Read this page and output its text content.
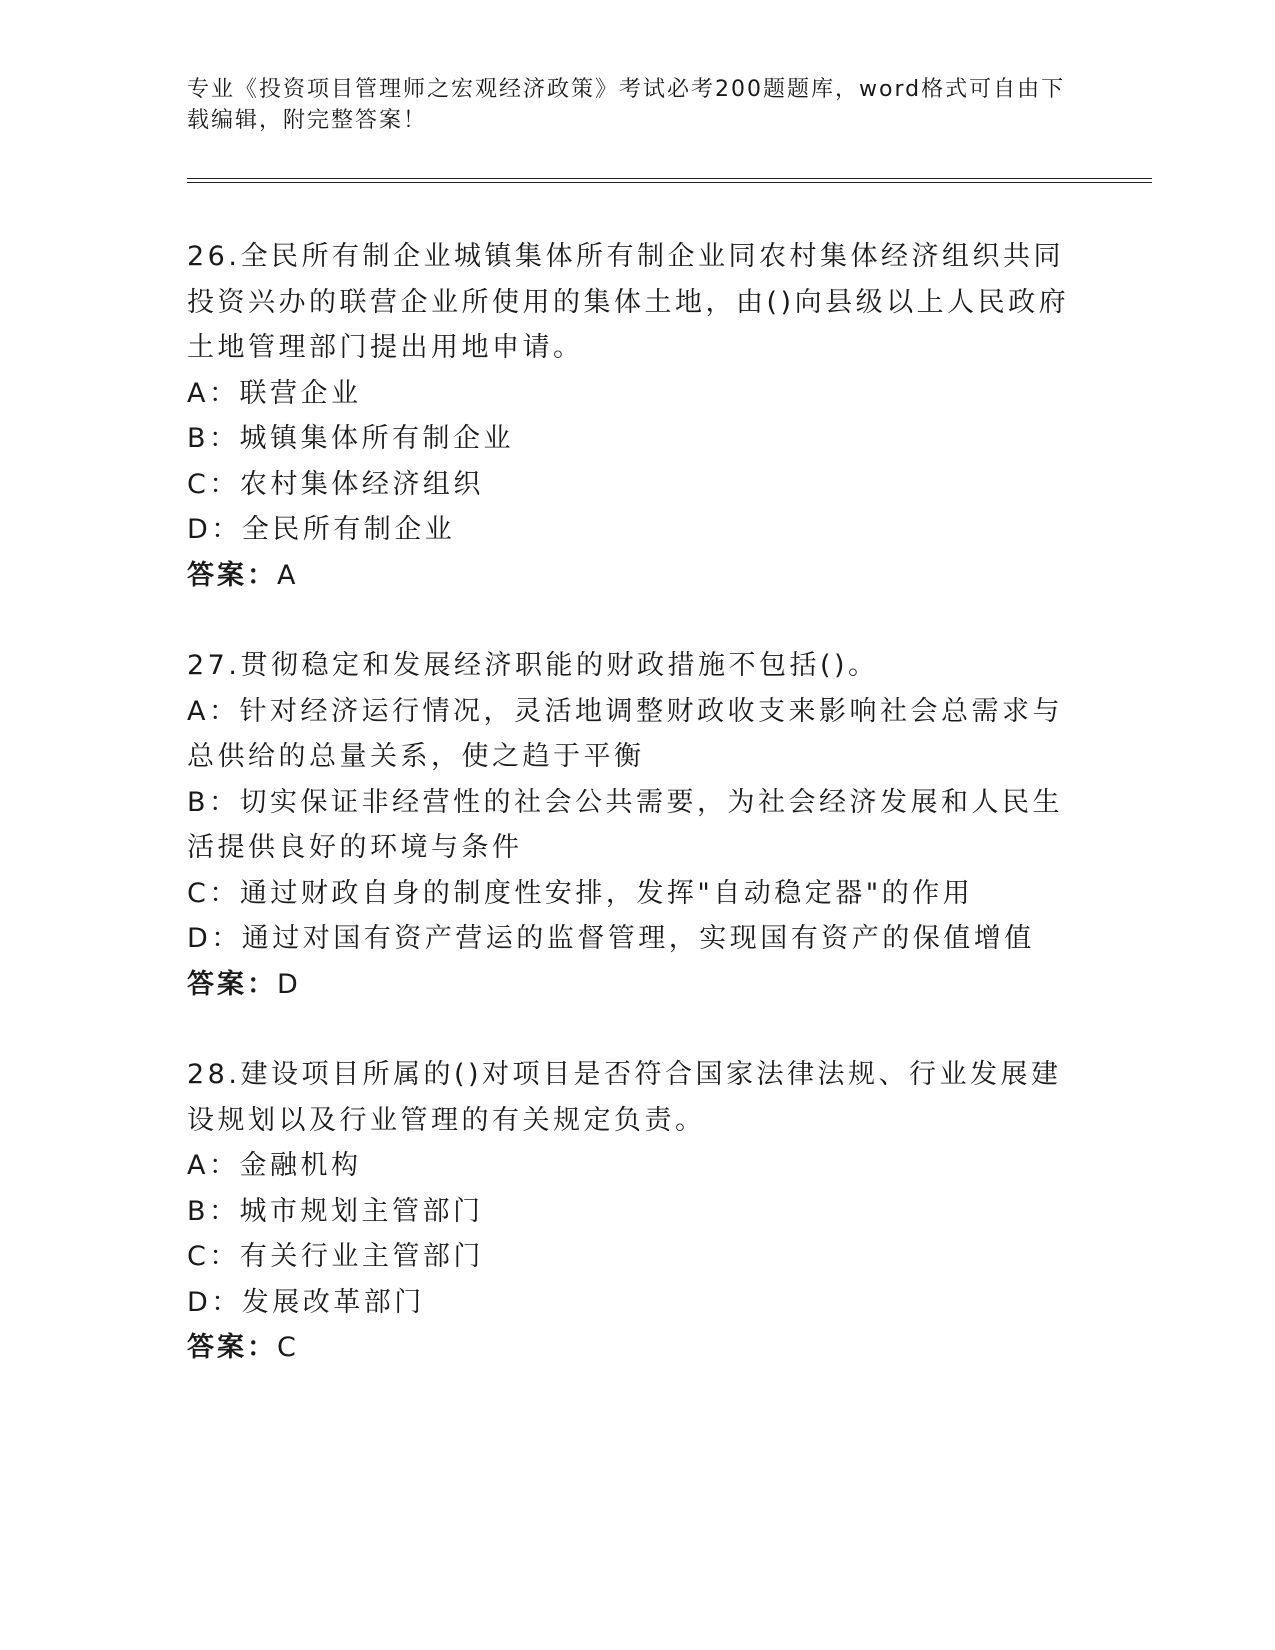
专业《投资项目管理师之宏观经济政策》考试必考200题题库，word格式可自由下载编辑，附完整答案！

26.全民所有制企业城镇集体所有制企业同农村集体经济组织共同投资兴办的联营企业所使用的集体土地，由()向县级以上人民政府土地管理部门提出用地申请。

A：联营企业

B：城镇集体所有制企业

C：农村集体经济组织

D：全民所有制企业

答案：A

27.贯彻稳定和发展经济职能的财政措施不包括()。

A：针对经济运行情况，灵活地调整财政收支来影响社会总需求与总供给的总量关系，使之趋于平衡

B：切实保证非经营性的社会公共需要，为社会经济发展和人民生活提供良好的环境与条件

C：通过财政自身的制度性安排，发挥"自动稳定器"的作用

D：通过对国有资产营运的监督管理，实现国有资产的保值增值

答案：D

28.建设项目所属的()对项目是否符合国家法律法规、行业发展建设规划以及行业管理的有关规定负责。

A：金融机构

B：城市规划主管部门

C：有关行业主管部门

D：发展改革部门

答案：C
